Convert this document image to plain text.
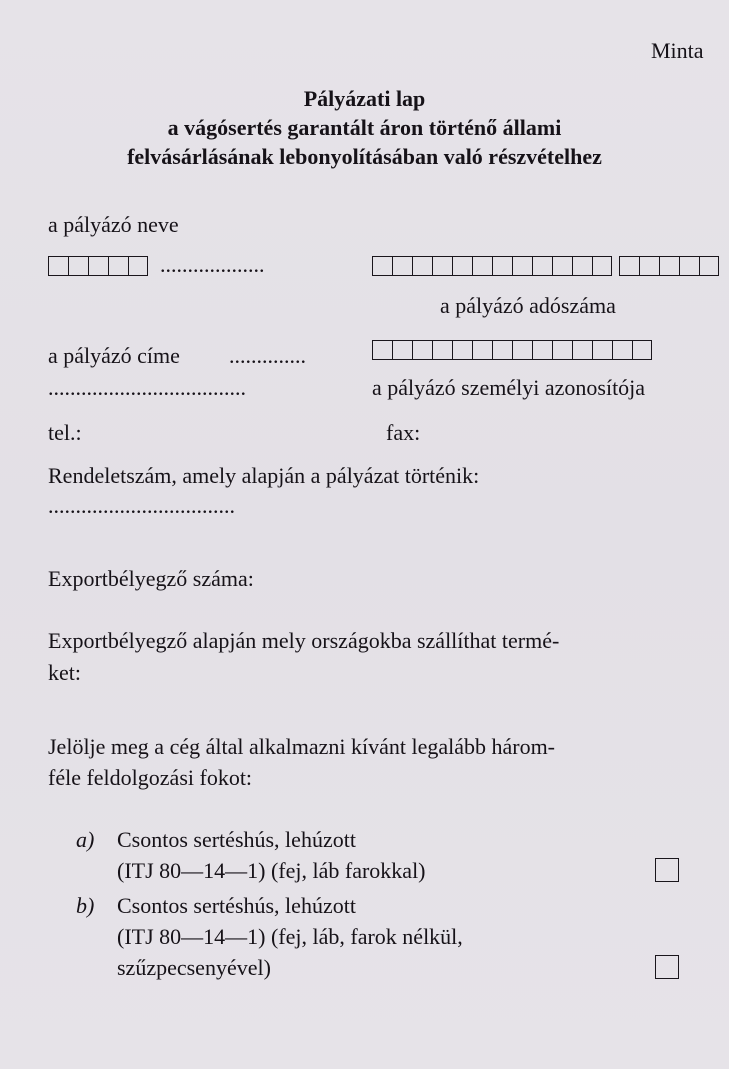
Minta
Pályázati lap
a vágósertés garantált áron történő állami
felvásárlásának lebonyolításában való részvételhez
a pályázó neve
...................
a pályázó adószáma
a pályázó címe ..............
....................................	a pályázó személyi azonosítója
tel.:	fax:
Rendeletszám, amely alapján a pályázat történik:
..................................
Exportbélyegző száma:
Exportbélyegző alapján mely országokba szállíthat termé-
ket:
Jelölje meg a cég által alkalmazni kívánt legalább három-
féle feldolgozási fokot:
a) Csontos sertéshús, lehúzott
(ITJ 80—14—1) (fej, láb farokkal)
b) Csontos sertéshús, lehúzott
(ITJ 80—14—1) (fej, láb, farok nélkül,
szűzpecsenyével)
